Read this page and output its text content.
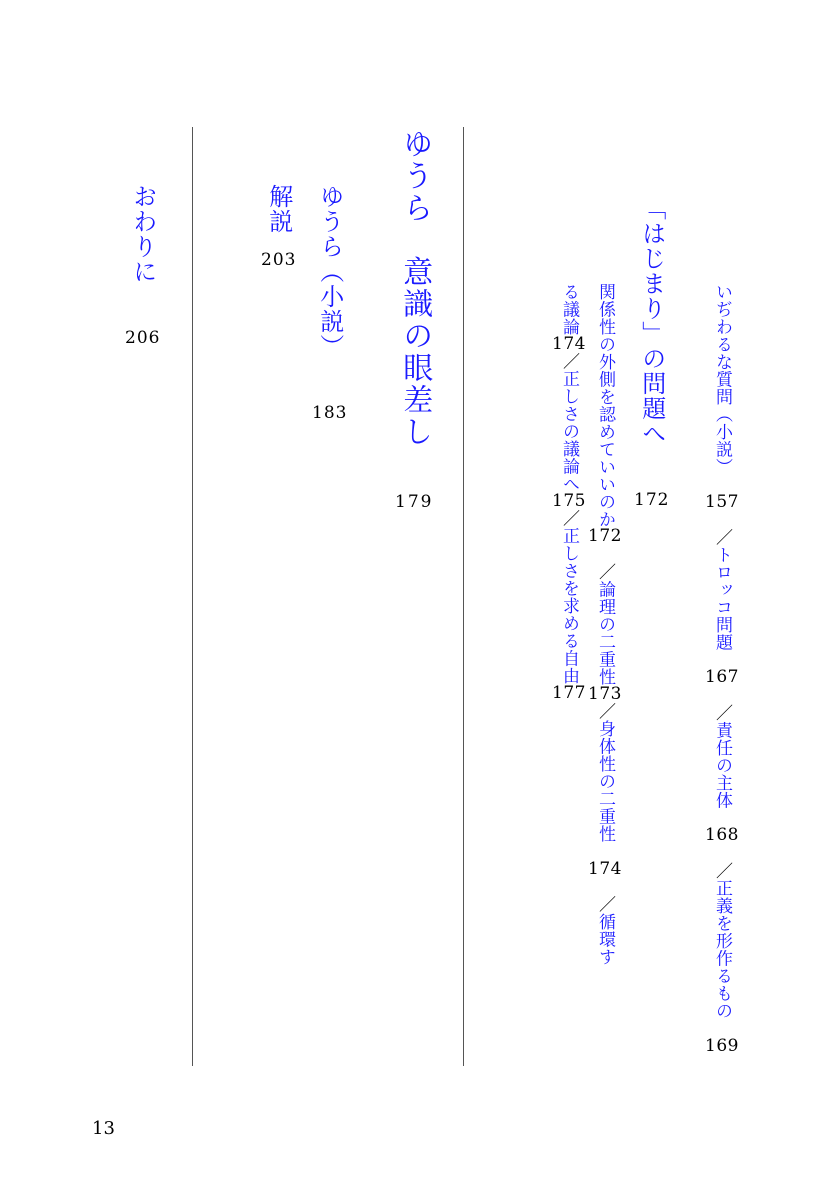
いぢわるな質問（小説）157／トロッコ問題167／責任の主体168／正義を形作るもの169
「はじまり」の問題へ172
関係性の外側を認めていいのか172／論理の二重性173／身体性の二重性174／循環す
る議論174／正しさの議論へ175／正しさを求める自由177
ゆうら　意識の眼差し179
ゆうら（小説）183
解説203
おわりに206
13
